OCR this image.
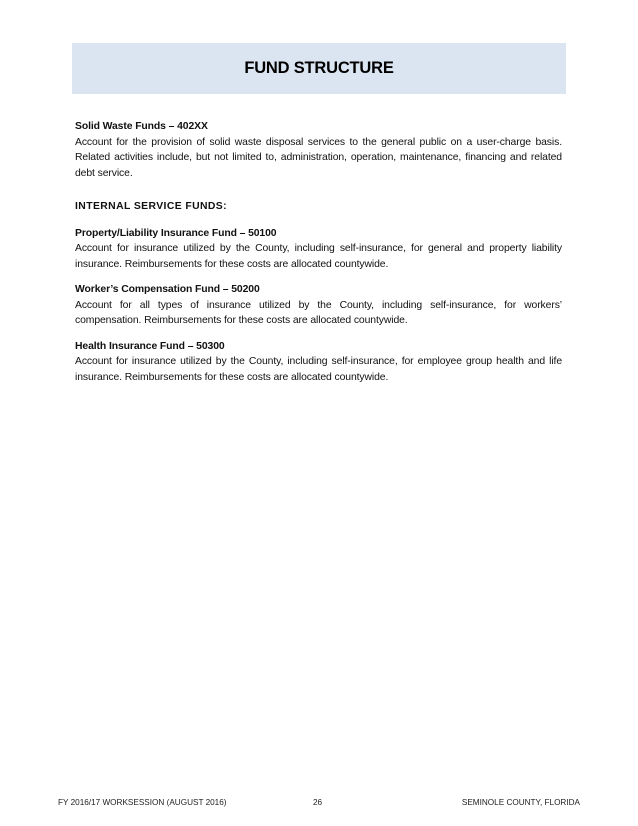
FUND STRUCTURE
Solid Waste Funds – 402XX
Account for the provision of solid waste disposal services to the general public on a user-charge basis. Related activities include, but not limited to, administration, operation, maintenance, financing and related debt service.
INTERNAL SERVICE FUNDS:
Property/Liability Insurance Fund – 50100
Account for insurance utilized by the County, including self-insurance, for general and property liability insurance. Reimbursements for these costs are allocated countywide.
Worker’s Compensation Fund – 50200
Account for all types of insurance utilized by the County, including self-insurance, for workers’ compensation. Reimbursements for these costs are allocated countywide.
Health Insurance Fund – 50300
Account for insurance utilized by the County, including self-insurance, for employee group health and life insurance. Reimbursements for these costs are allocated countywide.
FY 2016/17 WORKSESSION (AUGUST 2016)	26	SEMINOLE COUNTY, FLORIDA
